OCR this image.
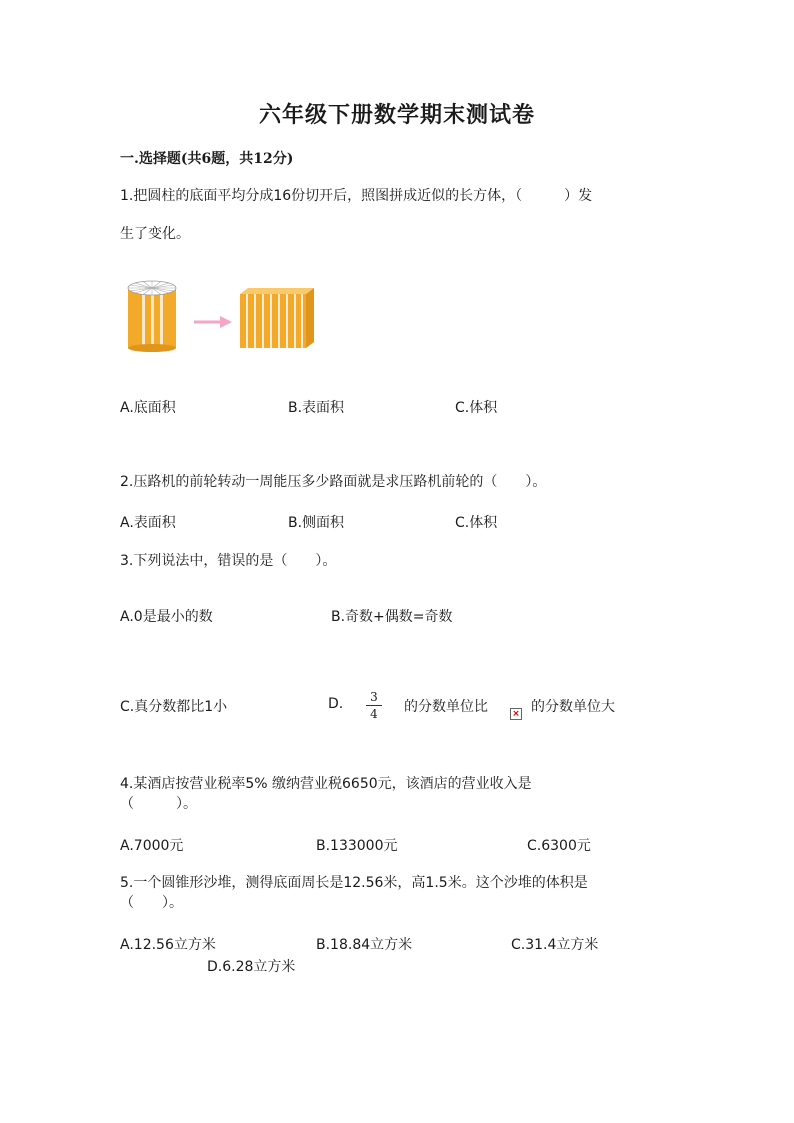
六年级下册数学期末测试卷
一.选择题(共6题，共12分)
1.把圆柱的底面平均分成16份切开后，照图拼成近似的长方体，（　　　）发
生了变化。
A.底面积	B.表面积	C.体积
2.压路机的前轮转动一周能压多少路面就是求压路机前轮的（　　）。
A.表面积	B.侧面积	C.体积
3.下列说法中，错误的是（　　）。
A.0是最小的数	B.奇数+偶数=奇数
C.真分数都比1小	D.	3
4 的分数单位比	× 的分数单位大
4.某酒店按营业税率5% 缴纳营业税6650元，该酒店的营业收入是
（　　　）。
A.7000元	B.133000元	C.6300元
5.一个圆锥形沙堆，测得底面周长是12.56米，高1.5米。这个沙堆的体积是
（　　）。
A.12.56立方米	B.18.84立方米	C.31.4立方米
D.6.28立方米
